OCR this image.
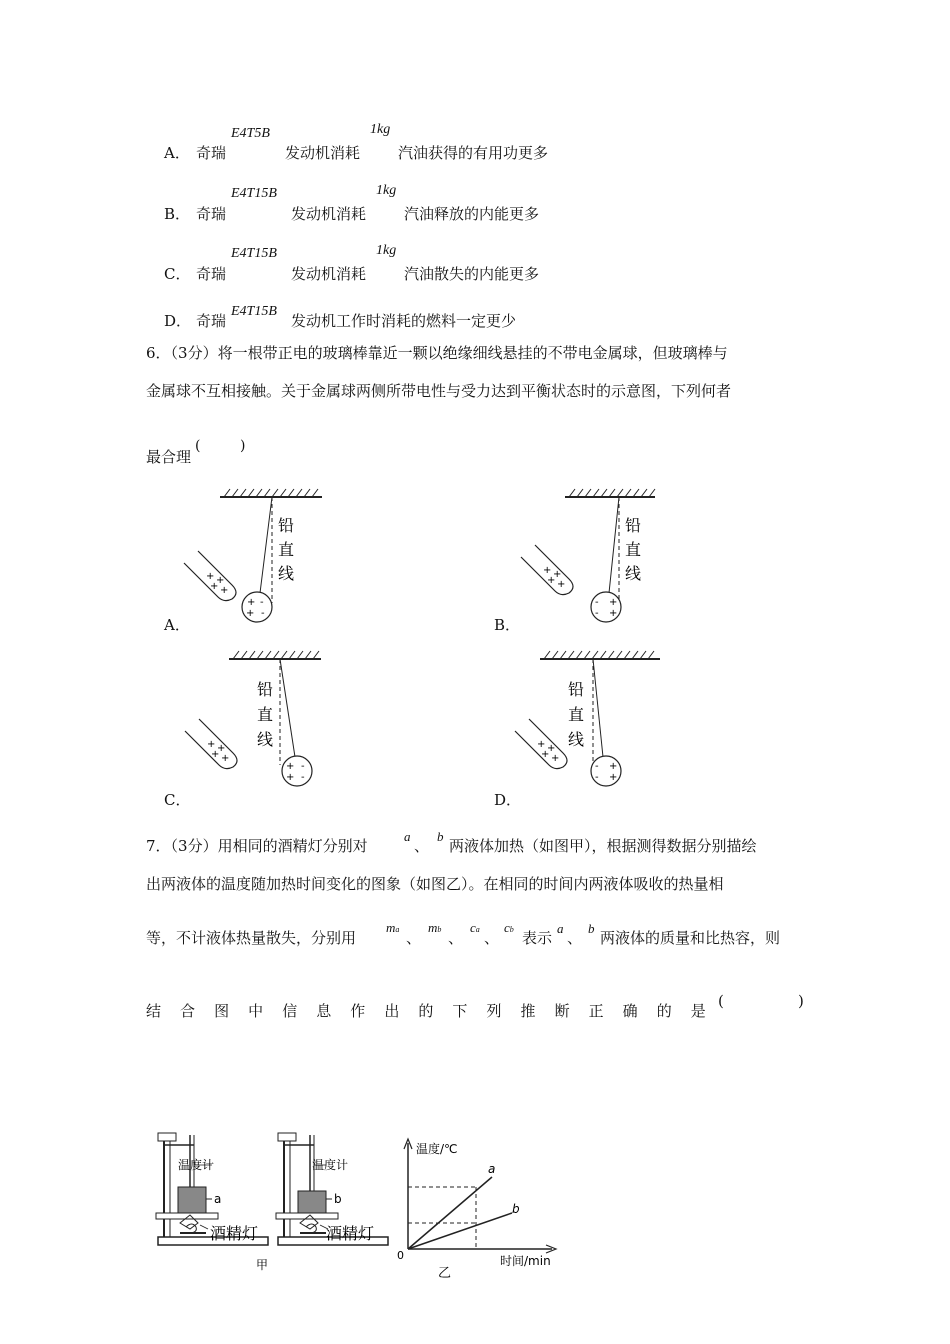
A． 奇瑞
E4T5B
发动机消耗
1kg
汽油获得的有用功更多
B． 奇瑞
E4T15B
发动机消耗
1kg
汽油释放的内能更多
C． 奇瑞
E4T15B
发动机消耗
1kg
汽油散失的内能更多
D． 奇瑞
E4T15B
发动机工作时消耗的燃料一定更少
6．（3分）将一根带正电的玻璃棒靠近一颗以绝缘细线悬挂的不带电金属球，但玻璃棒与
金属球不互相接触。关于金属球两侧所带电性与受力达到平衡状态时的示意图，下列何者
最合理
(	)
+
+
-
-
+ +
+ +
铅
直
线
A．
-
-
+
+
+ +
+ +
铅
直
线
B．
+
+
-
-
+ +
+ +
铅
直
线
C．
-
-
+
+
+ +
+ +
铅
直
线
D．
7．（3分）用相同的酒精灯分别对
a
、
b
两液体加热（如图甲），根据测得数据分别描绘
出两液体的温度随加热时间变化的图象（如图乙）。在相同的时间内两液体吸收的热量相
等，不计液体热量散失，分别用
ma 、
mb 、
ca 、
cb 表示
a
、
b
两液体的质量和比热容，则
结 合 图 中 信 息 作 出 的 下 列 推 断 正 确 的 是
(	)
温度计
a
酒精灯
甲
温度计
b
酒精灯
温度/℃
时间/min
0
a
b
乙
